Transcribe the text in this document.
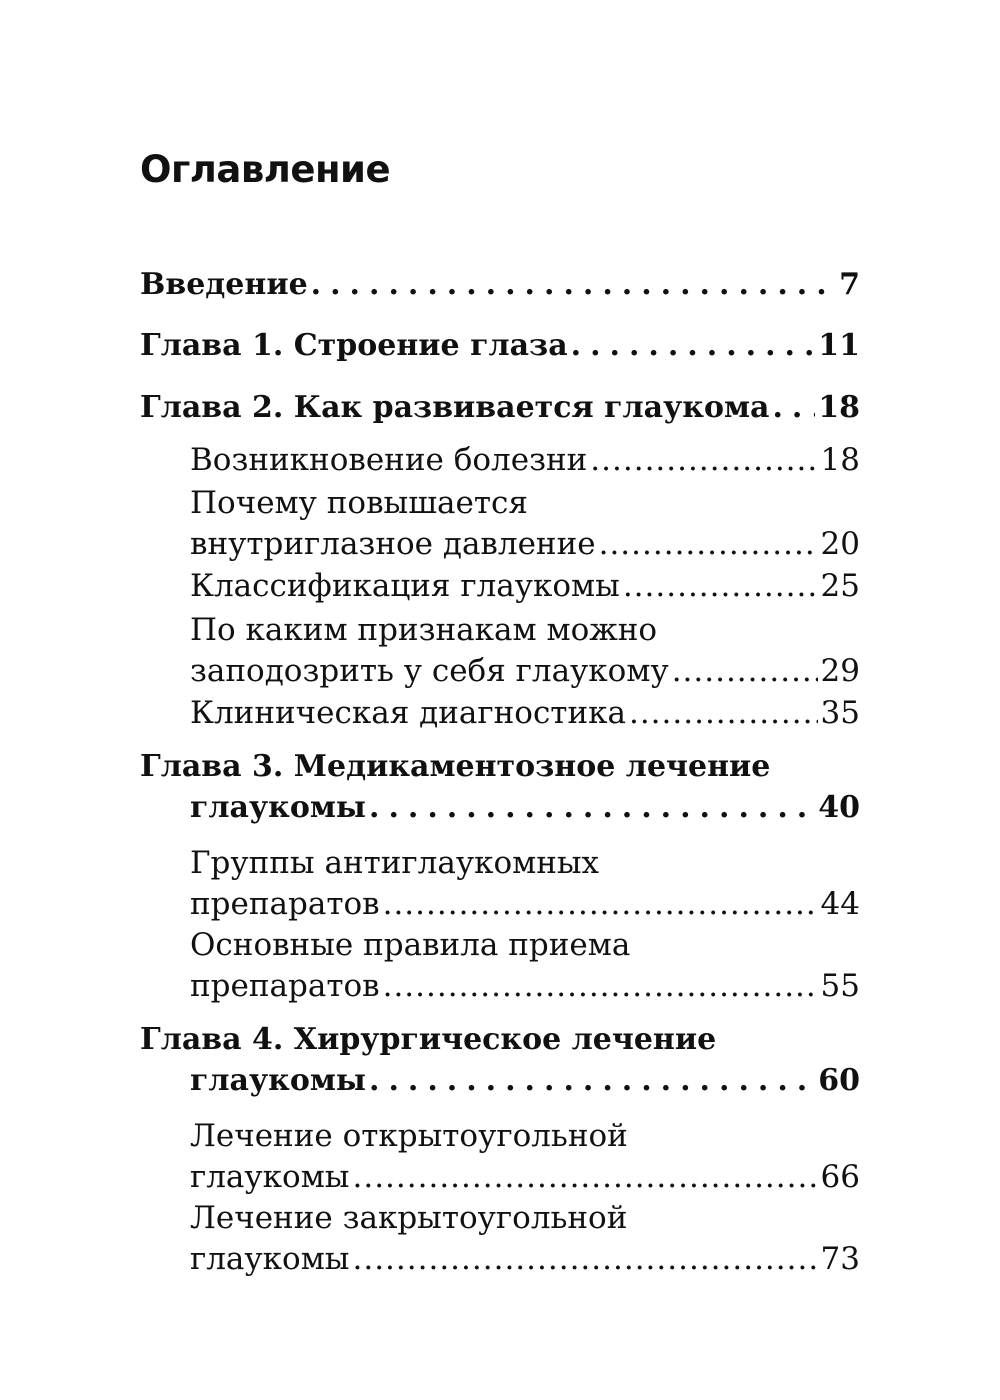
Оглавление
Введение .....	7
Глава 1. Строение глаза .....	11
Глава 2. Как развивается глаукома ..... 18
Возникновение болезни .....	18
Почему повышается
внутриглазное давление .....	20
Классификация глаукомы .....	25
По каким признакам можно
заподозрить у себя глаукому .....	29
Клиническая диагностика .....	35
Глава 3. Медикаментозное лечение
глаукомы .....	40
Группы антиглаукомных
препаратов .....	44
Основные правила приема
препаратов .....	55
Глава 4. Хирургическое лечение
глаукомы .....	60
Лечение открытоугольной
глаукомы .....	66
Лечение закрытоугольной
глаукомы .....	73
